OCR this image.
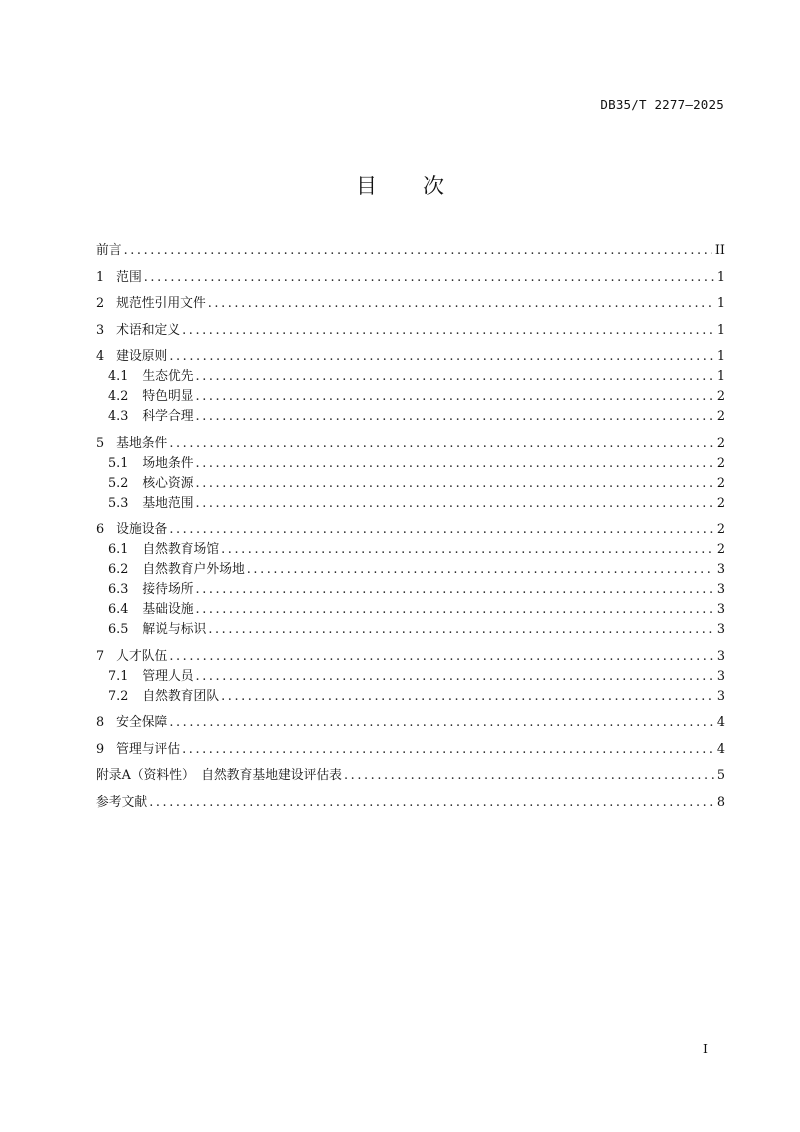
DB35/T 2277—2025
目 次
前言 .....	II
1 范围 .....	1
2 规范性引用文件 .....	1
3 术语和定义 .....	1
4 建设原则 .....	1
4.1 生态优先 .....	1
4.2 特色明显 .....	2
4.3 科学合理 .....	2
5 基地条件 .....	2
5.1 场地条件 .....	2
5.2 核心资源 .....	2
5.3 基地范围 .....	2
6 设施设备 .....	2
6.1 自然教育场馆 .....	2
6.2 自然教育户外场地 .....	3
6.3 接待场所 .....	3
6.4 基础设施 .....	3
6.5 解说与标识 .....	3
7 人才队伍 .....	3
7.1 管理人员 .....	3
7.2 自然教育团队 .....	3
8 安全保障 .....	4
9 管理与评估 .....	4
附录A（资料性）　自然教育基地建设评估表 .....	5
参考文献 .....	8
I
